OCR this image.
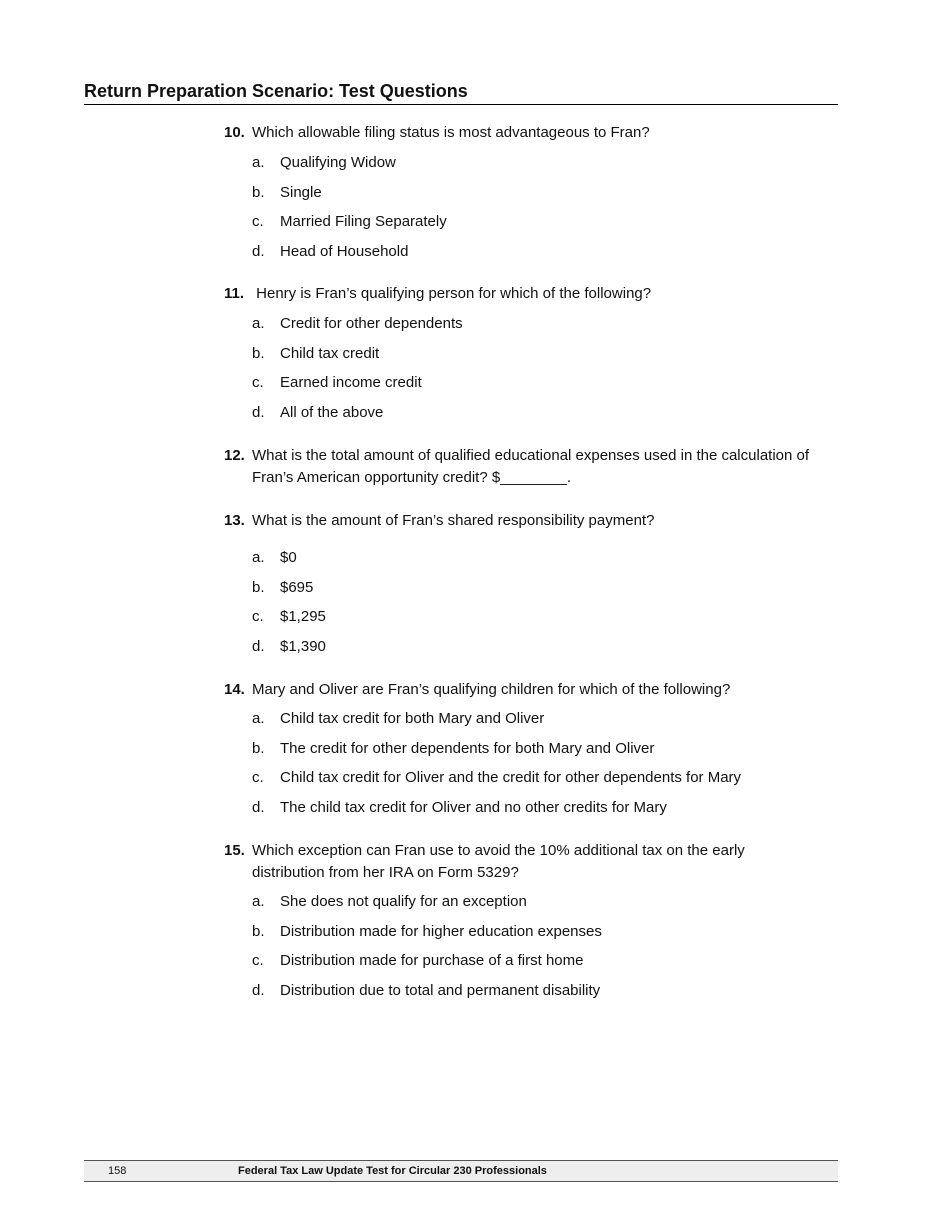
Return Preparation Scenario: Test Questions
10. Which allowable filing status is most advantageous to Fran?
a. Qualifying Widow
b. Single
c. Married Filing Separately
d. Head of Household
11. Henry is Fran’s qualifying person for which of the following?
a. Credit for other dependents
b. Child tax credit
c. Earned income credit
d. All of the above
12. What is the total amount of qualified educational expenses used in the calculation of Fran’s American opportunity credit? $________.
13. What is the amount of Fran’s shared responsibility payment?
a. $0
b. $695
c. $1,295
d. $1,390
14. Mary and Oliver are Fran’s qualifying children for which of the following?
a. Child tax credit for both Mary and Oliver
b. The credit for other dependents for both Mary and Oliver
c. Child tax credit for Oliver and the credit for other dependents for Mary
d. The child tax credit for Oliver and no other credits for Mary
15. Which exception can Fran use to avoid the 10% additional tax on the early distribution from her IRA on Form 5329?
a. She does not qualify for an exception
b. Distribution made for higher education expenses
c. Distribution made for purchase of a first home
d. Distribution due to total and permanent disability
158	Federal Tax Law Update Test for Circular 230 Professionals
